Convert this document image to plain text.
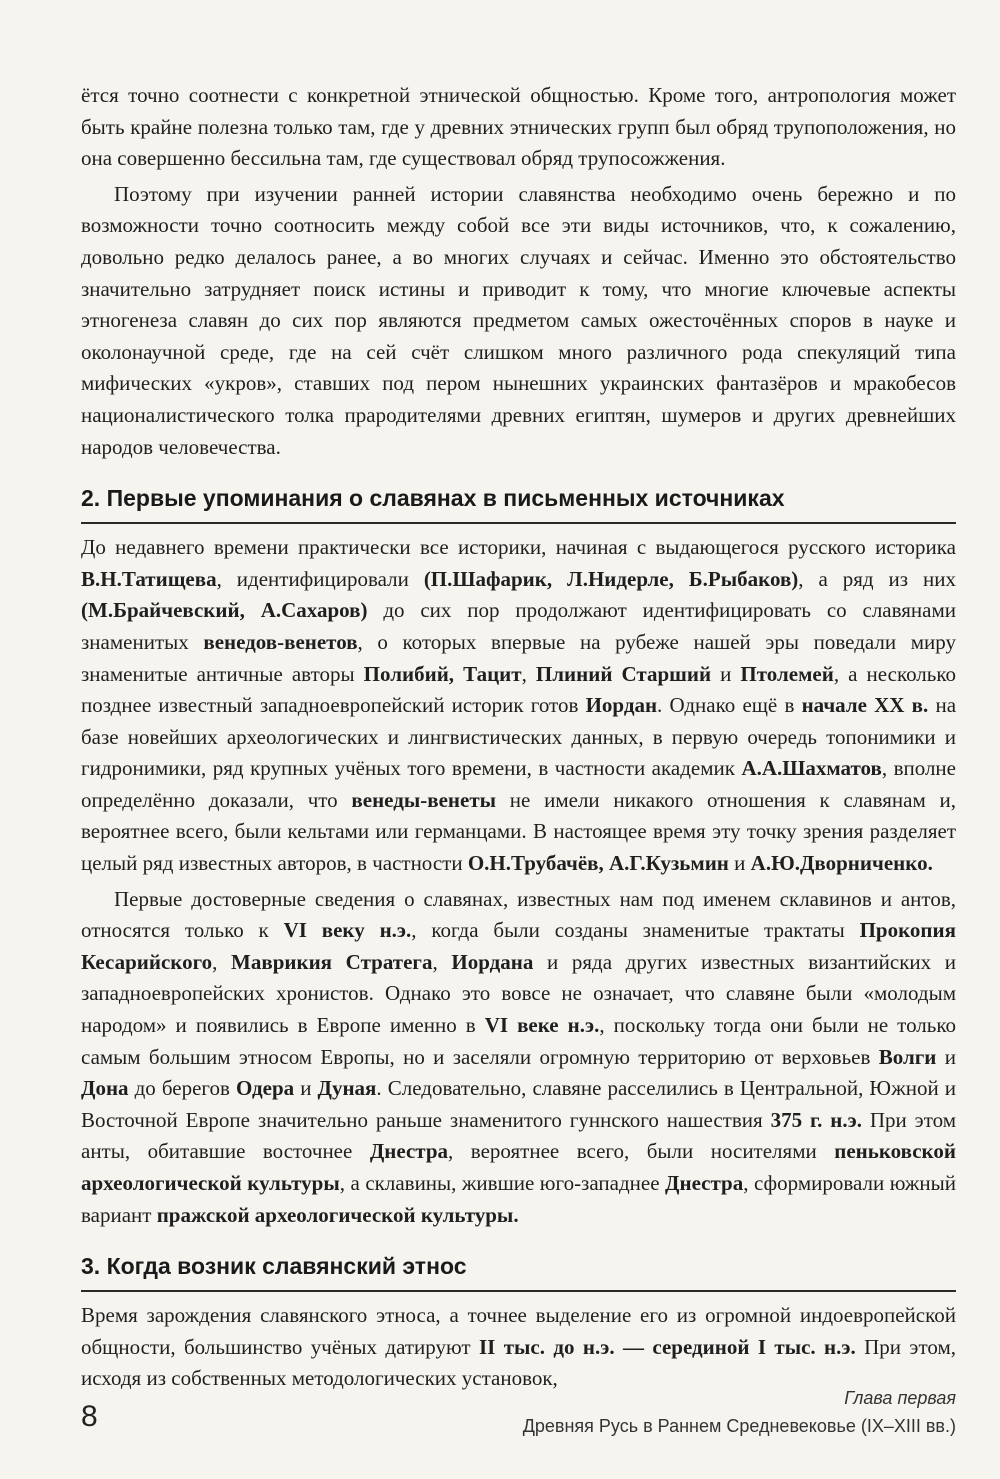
ётся точно соотнести с конкретной этнической общностью. Кроме того, антропология может быть крайне полезна только там, где у древних этнических групп был обряд трупоположения, но она совершенно бессильна там, где существовал обряд трупосожжения.

Поэтому при изучении ранней истории славянства необходимо очень бережно и по возможности точно соотносить между собой все эти виды источников, что, к сожалению, довольно редко делалось ранее, а во многих случаях и сейчас. Именно это обстоятельство значительно затрудняет поиск истины и приводит к тому, что многие ключевые аспекты этногенеза славян до сих пор являются предметом самых ожесточённых споров в науке и околонаучной среде, где на сей счёт слишком много различного рода спекуляций типа мифических «укров», ставших под пером нынешних украинских фантазёров и мракобесов националистического толка прародителями древних египтян, шумеров и других древнейших народов человечества.

2. Первые упоминания о славянах в письменных источниках

До недавнего времени практически все историки, начиная с выдающегося русского историка В.Н.Татищева, идентифицировали (П.Шафарик, Л.Нидерле, Б.Рыбаков), а ряд из них (М.Брайчевский, А.Сахаров) до сих пор продолжают идентифицировать со славянами знаменитых венедов-венетов, о которых впервые на рубеже нашей эры поведали миру знаменитые античные авторы Полибий, Тацит, Плиний Старший и Птолемей, а несколько позднее известный западноевропейский историк готов Иордан. Однако ещё в начале XX в. на базе новейших археологических и лингвистических данных, в первую очередь топонимики и гидронимики, ряд крупных учёных того времени, в частности академик А.А.Шахматов, вполне определённо доказали, что венеды-венеты не имели никакого отношения к славянам и, вероятнее всего, были кельтами или германцами. В настоящее время эту точку зрения разделяет целый ряд известных авторов, в частности О.Н.Трубачёв, А.Г.Кузьмин и А.Ю.Дворниченко.

Первые достоверные сведения о славянах, известных нам под именем склавинов и антов, относятся только к VI веку н.э., когда были созданы знаменитые трактаты Прокопия Кесарийского, Маврикия Стратега, Иордана и ряда других известных византийских и западноевропейских хронистов. Однако это вовсе не означает, что славяне были «молодым народом» и появились в Европе именно в VI веке н.э., поскольку тогда они были не только самым большим этносом Европы, но и заселяли огромную территорию от верховьев Волги и Дона до берегов Одера и Дуная. Следовательно, славяне расселились в Центральной, Южной и Восточной Европе значительно раньше знаменитого гуннского нашествия 375 г. н.э. При этом анты, обитавшие восточнее Днестра, вероятнее всего, были носителями пеньковской археологической культуры, а склавины, жившие юго-западнее Днестра, сформировали южный вариант пражской археологической культуры.

3. Когда возник славянский этнос

Время зарождения славянского этноса, а точнее выделение его из огромной индоевропейской общности, большинство учёных датируют II тыс. до н.э. — серединой I тыс. н.э. При этом, исходя из собственных методологических установок,

8
Глава первая
Древняя Русь в Раннем Средневековье (IX–XIII вв.)
